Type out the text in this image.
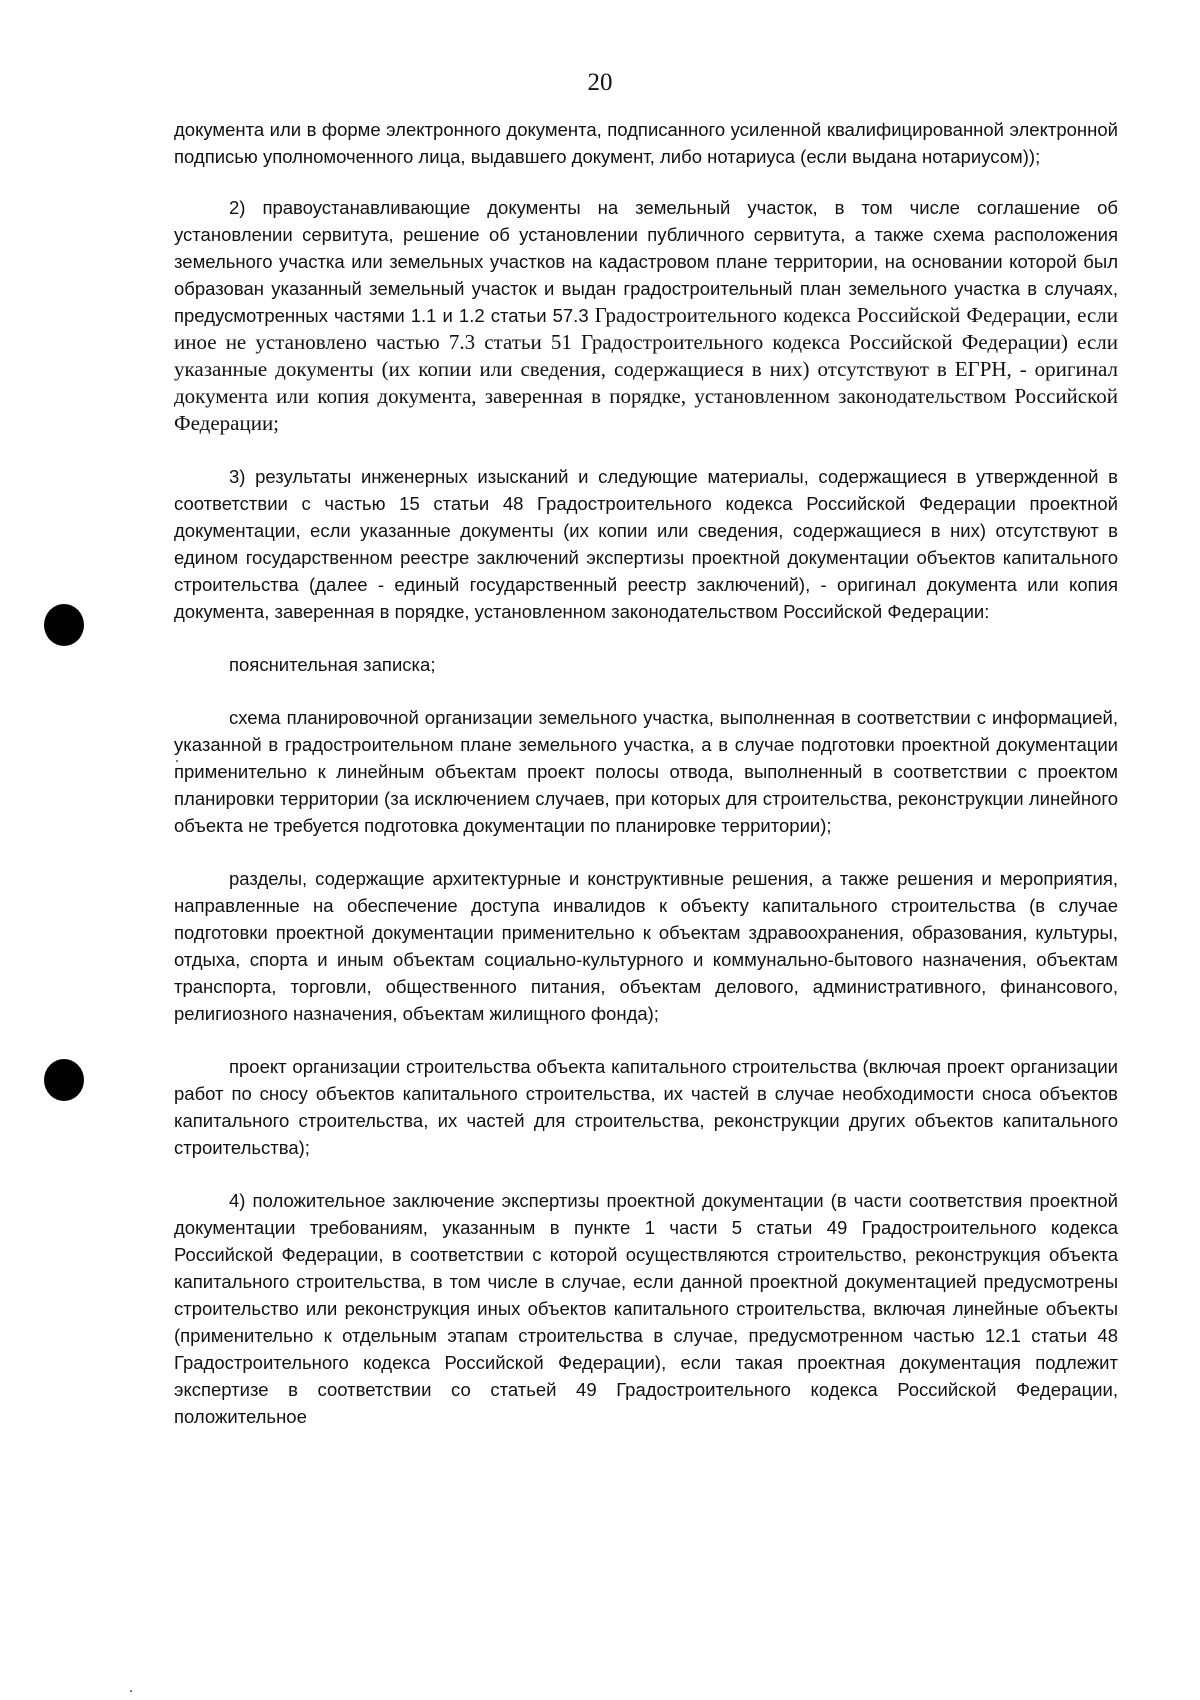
20

документа или в форме электронного документа, подписанного усиленной квалифицированной электронной подписью уполномоченного лица, выдавшего документ, либо нотариуса (если выдана нотариусом));

2) правоустанавливающие документы на земельный участок, в том числе соглашение об установлении сервитута, решение об установлении публичного сервитута, а также схема расположения земельного участка или земельных участков на кадастровом плане территории, на основании которой был образован указанный земельный участок и выдан градостроительный план земельного участка в случаях, предусмотренных частями 1.1 и 1.2 статьи 57.3 Градостроительного кодекса Российской Федерации, если иное не установлено частью 7.3 статьи 51 Градостроительного кодекса Российской Федерации) если указанные документы (их копии или сведения, содержащиеся в них) отсутствуют в ЕГРН, - оригинал документа или копия документа, заверенная в порядке, установленном законодательством Российской Федерации;

3) результаты инженерных изысканий и следующие материалы, содержащиеся в утвержденной в соответствии с частью 15 статьи 48 Градостроительного кодекса Российской Федерации проектной документации, если указанные документы (их копии или сведения, содержащиеся в них) отсутствуют в едином государственном реестре заключений экспертизы проектной документации объектов капитального строительства (далее - единый государственный реестр заключений), - оригинал документа или копия документа, заверенная в порядке, установленном законодательством Российской Федерации:

пояснительная записка;

схема планировочной организации земельного участка, выполненная в соответствии с информацией, указанной в градостроительном плане земельного участка, а в случае подготовки проектной документации применительно к линейным объектам проект полосы отвода, выполненный в соответствии с проектом планировки территории (за исключением случаев, при которых для строительства, реконструкции линейного объекта не требуется подготовка документации по планировке территории);

разделы, содержащие архитектурные и конструктивные решения, а также решения и мероприятия, направленные на обеспечение доступа инвалидов к объекту капитального строительства (в случае подготовки проектной документации применительно к объектам здравоохранения, образования, культуры, отдыха, спорта и иным объектам социально-культурного и коммунально-бытового назначения, объектам транспорта, торговли, общественного питания, объектам делового, административного, финансового, религиозного назначения, объектам жилищного фонда);

проект организации строительства объекта капитального строительства (включая проект организации работ по сносу объектов капитального строительства, их частей в случае необходимости сноса объектов капитального строительства, их частей для строительства, реконструкции других объектов капитального строительства);

4) положительное заключение экспертизы проектной документации (в части соответствия проектной документации требованиям, указанным в пункте 1 части 5 статьи 49 Градостроительного кодекса Российской Федерации, в соответствии с которой осуществляются строительство, реконструкция объекта капитального строительства, в том числе в случае, если данной проектной документацией предусмотрены строительство или реконструкция иных объектов капитального строительства, включая линейные объекты (применительно к отдельным этапам строительства в случае, предусмотренном частью 12.1 статьи 48 Градостроительного кодекса Российской Федерации), если такая проектная документация подлежит экспертизе в соответствии со статьей 49 Градостроительного кодекса Российской Федерации, положительное
